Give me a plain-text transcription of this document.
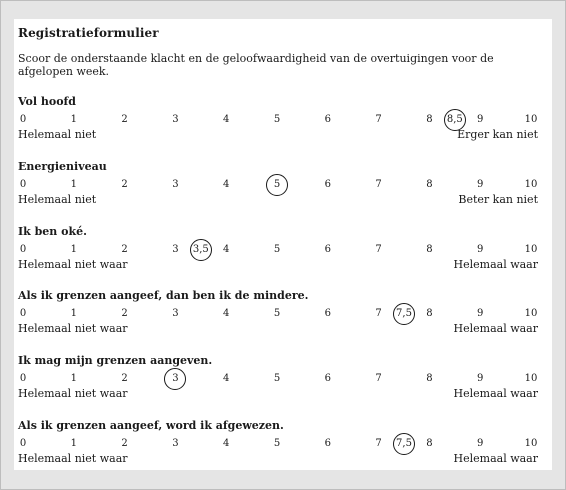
Registratieformulier
Scoor de onderstaande klacht en de geloofwaardigheid van de overtuigingen voor de afgelopen week.
Vol hoofd
0	1	2	3	4	5	6	7	8	9	10
8,5
Helemaal niet	Erger kan niet
Energieniveau
0	1	2	3	4	6	7	8	9	10
5
Helemaal niet	Beter kan niet
Ik ben oké.
0	1	2	3	4	5	6	7	8	9	10
3,5
Helemaal niet waar	Helemaal waar
Als ik grenzen aangeef, dan ben ik de mindere.
0	1	2	3	4	5	6	7	8	9	10
7,5
Helemaal niet waar	Helemaal waar
Ik mag mijn grenzen aangeven.
0	1	2	4	5	6	7	8	9	10
3
Helemaal niet waar	Helemaal waar
Als ik grenzen aangeef, word ik afgewezen.
0	1	2	3	4	5	6	7	8	9	10
7,5
Helemaal niet waar	Helemaal waar
